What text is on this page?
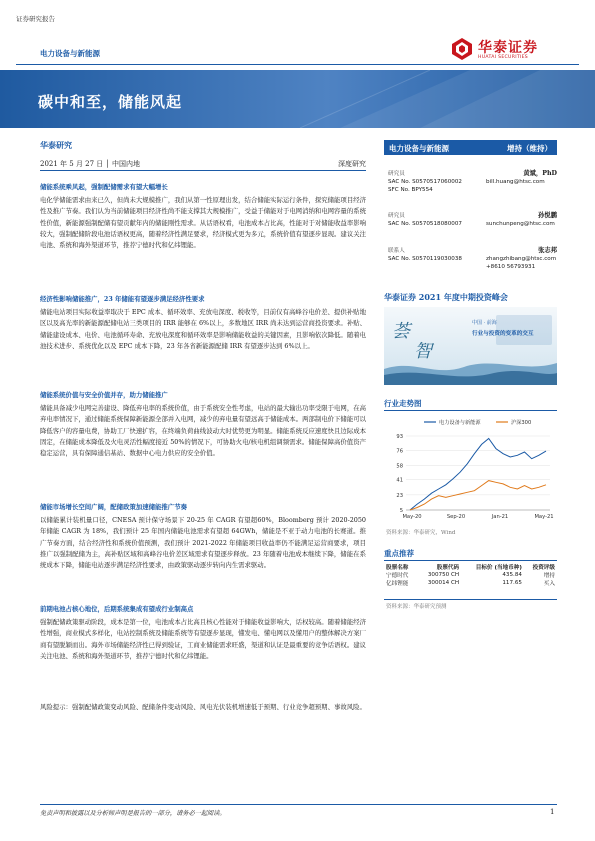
证券研究报告
电力设备与新能源	华泰证券
HUATAI SECURITIES
碳中和至，储能风起
华泰研究
2021 年 5 月 27 日 │ 中国内地	深度研究
储能系统乘风起，强制配储需求有望大幅增长
电化学储能需求由来已久，但尚未大规模推广，我们从第一性原理出发，结合储能实际运行条件，探究储能项目经济性及推广节奏。我们认为当前储能项目经济性尚不能支撑其大规模推广，受益于储能对于电网消纳和电网容量的系统性价值，新能源强制配储有望贡献年内的储能刚性需求。从话语权看，电池成本占比高，性能对于对储能收益率影响较大，强制配储阶段电池话语权更高，随着经济性满足要求，经济模式更为多元，系统价值有望逐步显现。建议关注电池、系统和海外渠道环节，推荐宁德时代和亿纬锂能。
经济性影响储能推广，23 年储能有望逐步满足经济性要求
储能电站项目实际收益率取决于 EPC 成本、循环效率、充放电深度、税收等，目前仅有高峰谷电价差、提供补贴地区以及高光率的新能源配储电站三类项目的 IRR 能够在 6%以上，多数地区 IRR 尚未达到运营商投资要求。补贴、储能建设成本、电价、电池循环寿命、充放电深度和循环效率是影响储能收益的关键因素，且影响依次降低。随着电池技术进步、系统优化以及 EPC 成本下降，23 年各省新能源配储 IRR 有望逐步达到 6%以上。
储能系统价值与安全价值并存，助力储能推广
储能具备减少电网完善建设、降低弃电率的系统价值，由于系统安全性考虑，电站的最大输出功率受限于电网，在高弃电率情况下，通过储能系统保障新能源全部并入电网，减少的弃电量有望远高于储能成本。两部制电价下储能可以降低客户的容量电费，协助工厂快速扩容，在终端负荷曲线波动大时优势更为明显。储能系统反应速度快且边际成本固定，在储能成本降低及火电灵活性幅度接近 50%的情况下，可协助火电/核电机组调频需求。储能保障高价值资产稳定运营，具有保障通信基站、数据中心电力供应的安全价值。
储能市场增长空间广阔，配储政策加速储能推广节奏
以储能累计装机量口径，CNESA 预计保守场景下 20-25 年 CAGR 有望超60%，Bloomberg 预计 2020-2050 年储能 CAGR 为 18%，我们预计 25 年国内储能电池需求有望超 64GWh，储能是不亚于动力电池的长赛道。推广节奏方面，结合经济性和系统价值预测，我们预计 2021-2022 年储能项目收益率仍不能满足运营商要求，项目推广以强制配储为主，高补贴区域和高峰谷电价差区域需求有望逐步释放。23 年随着电池成本继续下降，储能在系统成本下降，储能电站逐步满足经济性要求，由政策驱动逐步转向内生需求驱动。
前期电池占核心地位，后期系统集成有望成行业制高点
强制配储政策驱动阶段，成本是第一位，电池成本占比高且核心性能对于储能收益影响大，话权较高。随着储能经济性增强，商业模式多样化，电站控制系统及储能系统等有望逐步显现，懂发电、懂电网以及懂用户的整体解决方案厂商有望脱颖而出。海外市场储能经济性已得到验证，工商业储能需求旺盛，渠道和认证是最重要的竞争话语权。建议关注电池、系统和海外渠道环节，推荐宁德时代和亿纬锂能。
风险提示：强制配储政策变动风险、配储条件变动风险、风电光伏装机增速低于预期、行业竞争超预期、事故风险。
电力设备与新能源	增持（维持）
研究员	黄斌，PhD
SAC No. S0570517060002	bill.huang@htsc.com
SFC No. BPY554
研究员	孙悦鹏
SAC No. S0570518080007	sunchunpeng@htsc.com
联系人	张志邦
SAC No. S0570119030038	zhangzhibang@htsc.com
+8610 56793931
华泰证券 2021 年度中期投资峰会
荟
智
中国 · 前海
行业与投资的变革的交互
行业走势图
电力设备与新能源	沪深300
5
23
41
58
76
93
May-20	Sep-20	Jan-21	May-21
资料来源：华泰研究，Wind
重点推荐
股票名称	股票代码	目标价 (当地币种)	投资评级
宁德时代	300750 CH	435.84	增持
亿纬锂能	300014 CH	117.65	买入
资料来源：华泰研究预测
免责声明和披露以及分析师声明是报告的一部分，请务必一起阅读。	1
